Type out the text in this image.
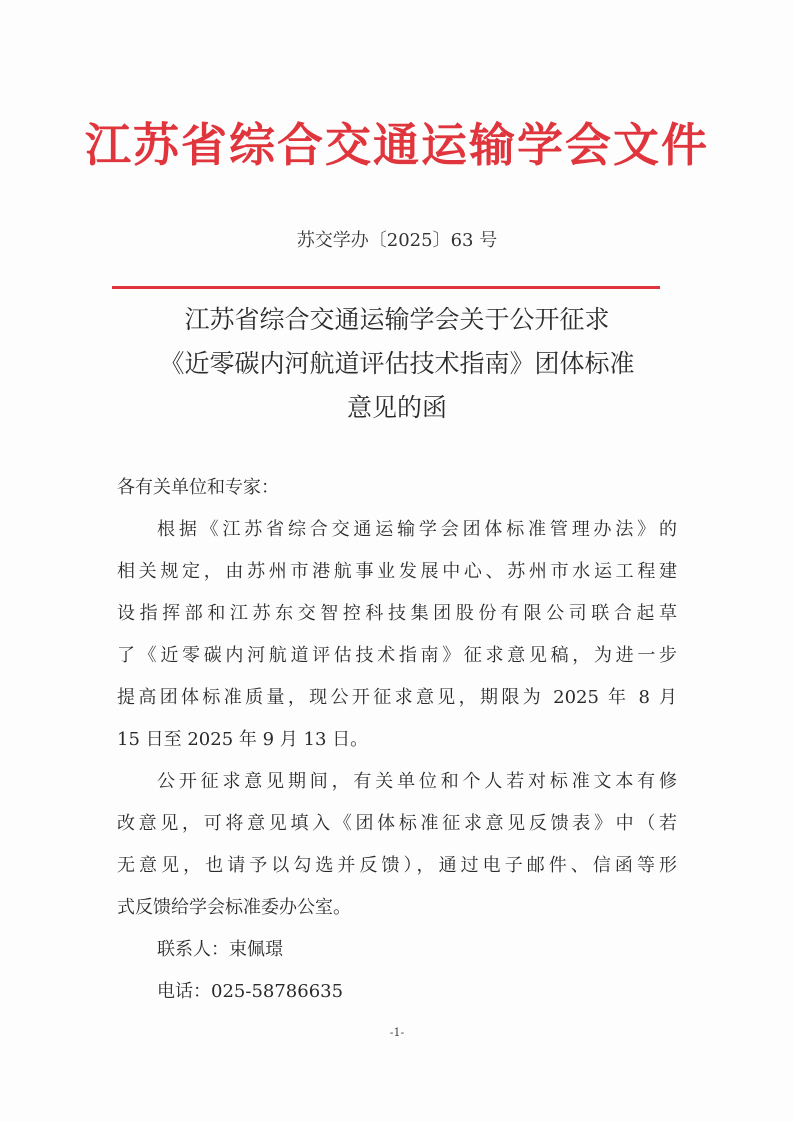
江苏省综合交通运输学会文件
苏交学办〔2025〕63 号
江苏省综合交通运输学会关于公开征求
《近零碳内河航道评估技术指南》团体标准
意见的函
各有关单位和专家：
根据《江苏省综合交通运输学会团体标准管理办法》的
相关规定，由苏州市港航事业发展中心、苏州市水运工程建
设指挥部和江苏东交智控科技集团股份有限公司联合起草
了《近零碳内河航道评估技术指南》征求意见稿，为进一步
提高团体标准质量，现公开征求意见，期限为 2025 年 8 月
15 日至 2025 年 9 月 13 日。
公开征求意见期间，有关单位和个人若对标准文本有修
改意见，可将意见填入《团体标准征求意见反馈表》中（若
无意见，也请予以勾选并反馈），通过电子邮件、信函等形
式反馈给学会标准委办公室。
联系人：束佩璟
电话：025-58786635
-1-
